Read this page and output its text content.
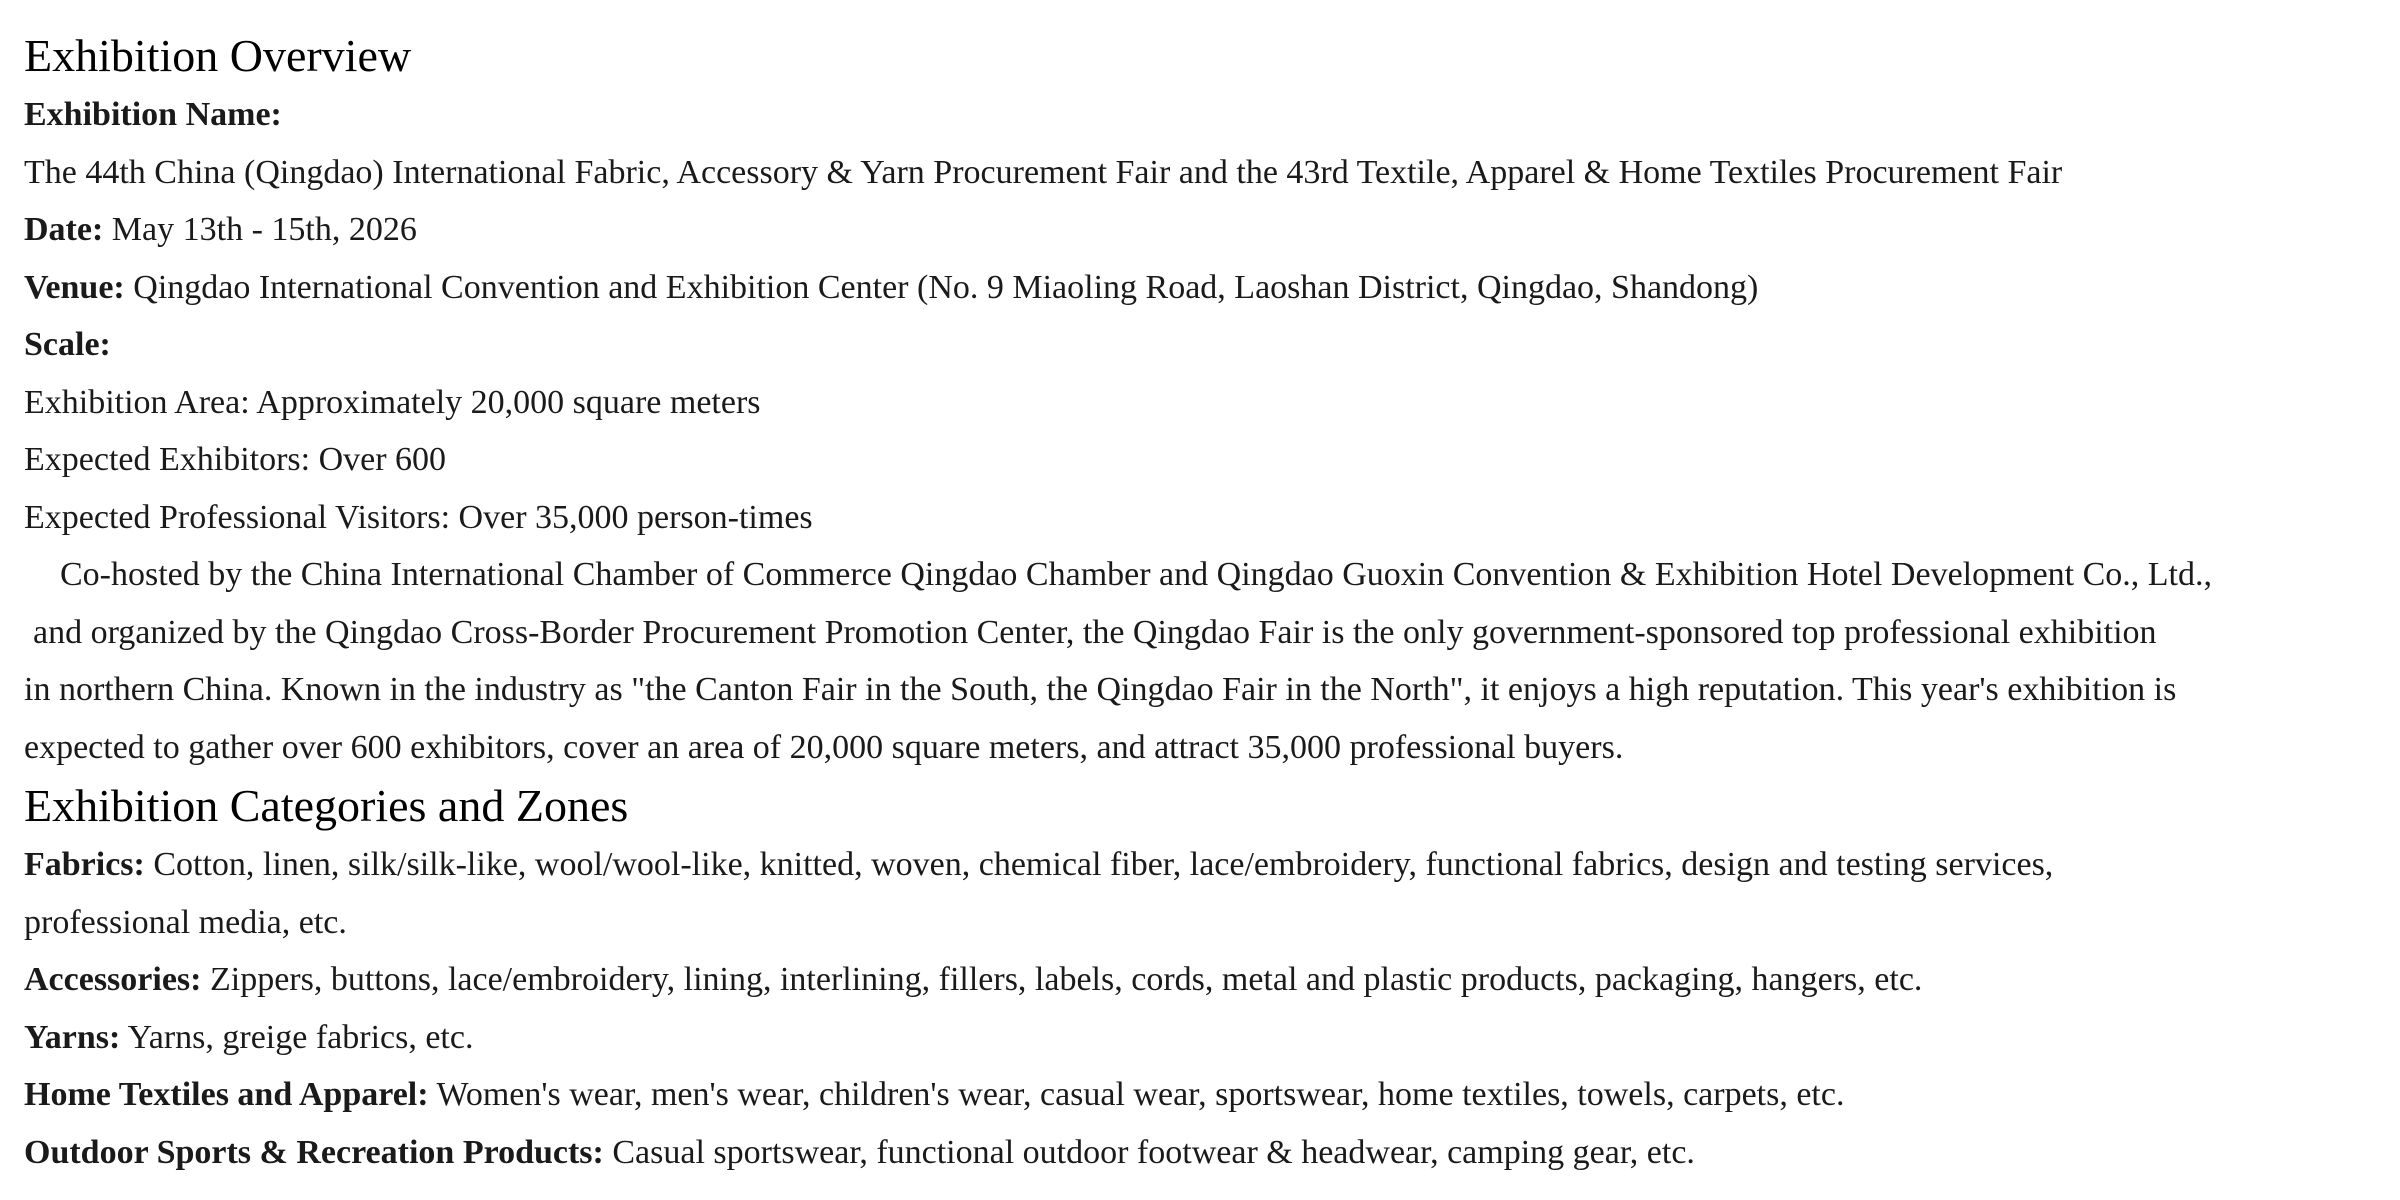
Exhibition Overview

Exhibition Name:

The 44th China (Qingdao) International Fabric, Accessory & Yarn Procurement Fair and the 43rd Textile, Apparel & Home Textiles Procurement Fair

Date: May 13th - 15th, 2026

Venue: Qingdao International Convention and Exhibition Center (No. 9 Miaoling Road, Laoshan District, Qingdao, Shandong)

Scale:

Exhibition Area: Approximately 20,000 square meters

Expected Exhibitors: Over 600

Expected Professional Visitors: Over 35,000 person-times

Co-hosted by the China International Chamber of Commerce Qingdao Chamber and Qingdao Guoxin Convention & Exhibition Hotel Development Co., Ltd.,

and organized by the Qingdao Cross-Border Procurement Promotion Center, the Qingdao Fair is the only government-sponsored top professional exhibition

in northern China. Known in the industry as "the Canton Fair in the South, the Qingdao Fair in the North", it enjoys a high reputation. This year's exhibition is

expected to gather over 600 exhibitors, cover an area of 20,000 square meters, and attract 35,000 professional buyers.

Exhibition Categories and Zones

Fabrics: Cotton, linen, silk/silk-like, wool/wool-like, knitted, woven, chemical fiber, lace/embroidery, functional fabrics, design and testing services,

professional media, etc.

Accessories: Zippers, buttons, lace/embroidery, lining, interlining, fillers, labels, cords, metal and plastic products, packaging, hangers, etc.

Yarns: Yarns, greige fabrics, etc.

Home Textiles and Apparel: Women's wear, men's wear, children's wear, casual wear, sportswear, home textiles, towels, carpets, etc.

Outdoor Sports & Recreation Products: Casual sportswear, functional outdoor footwear & headwear, camping gear, etc.
